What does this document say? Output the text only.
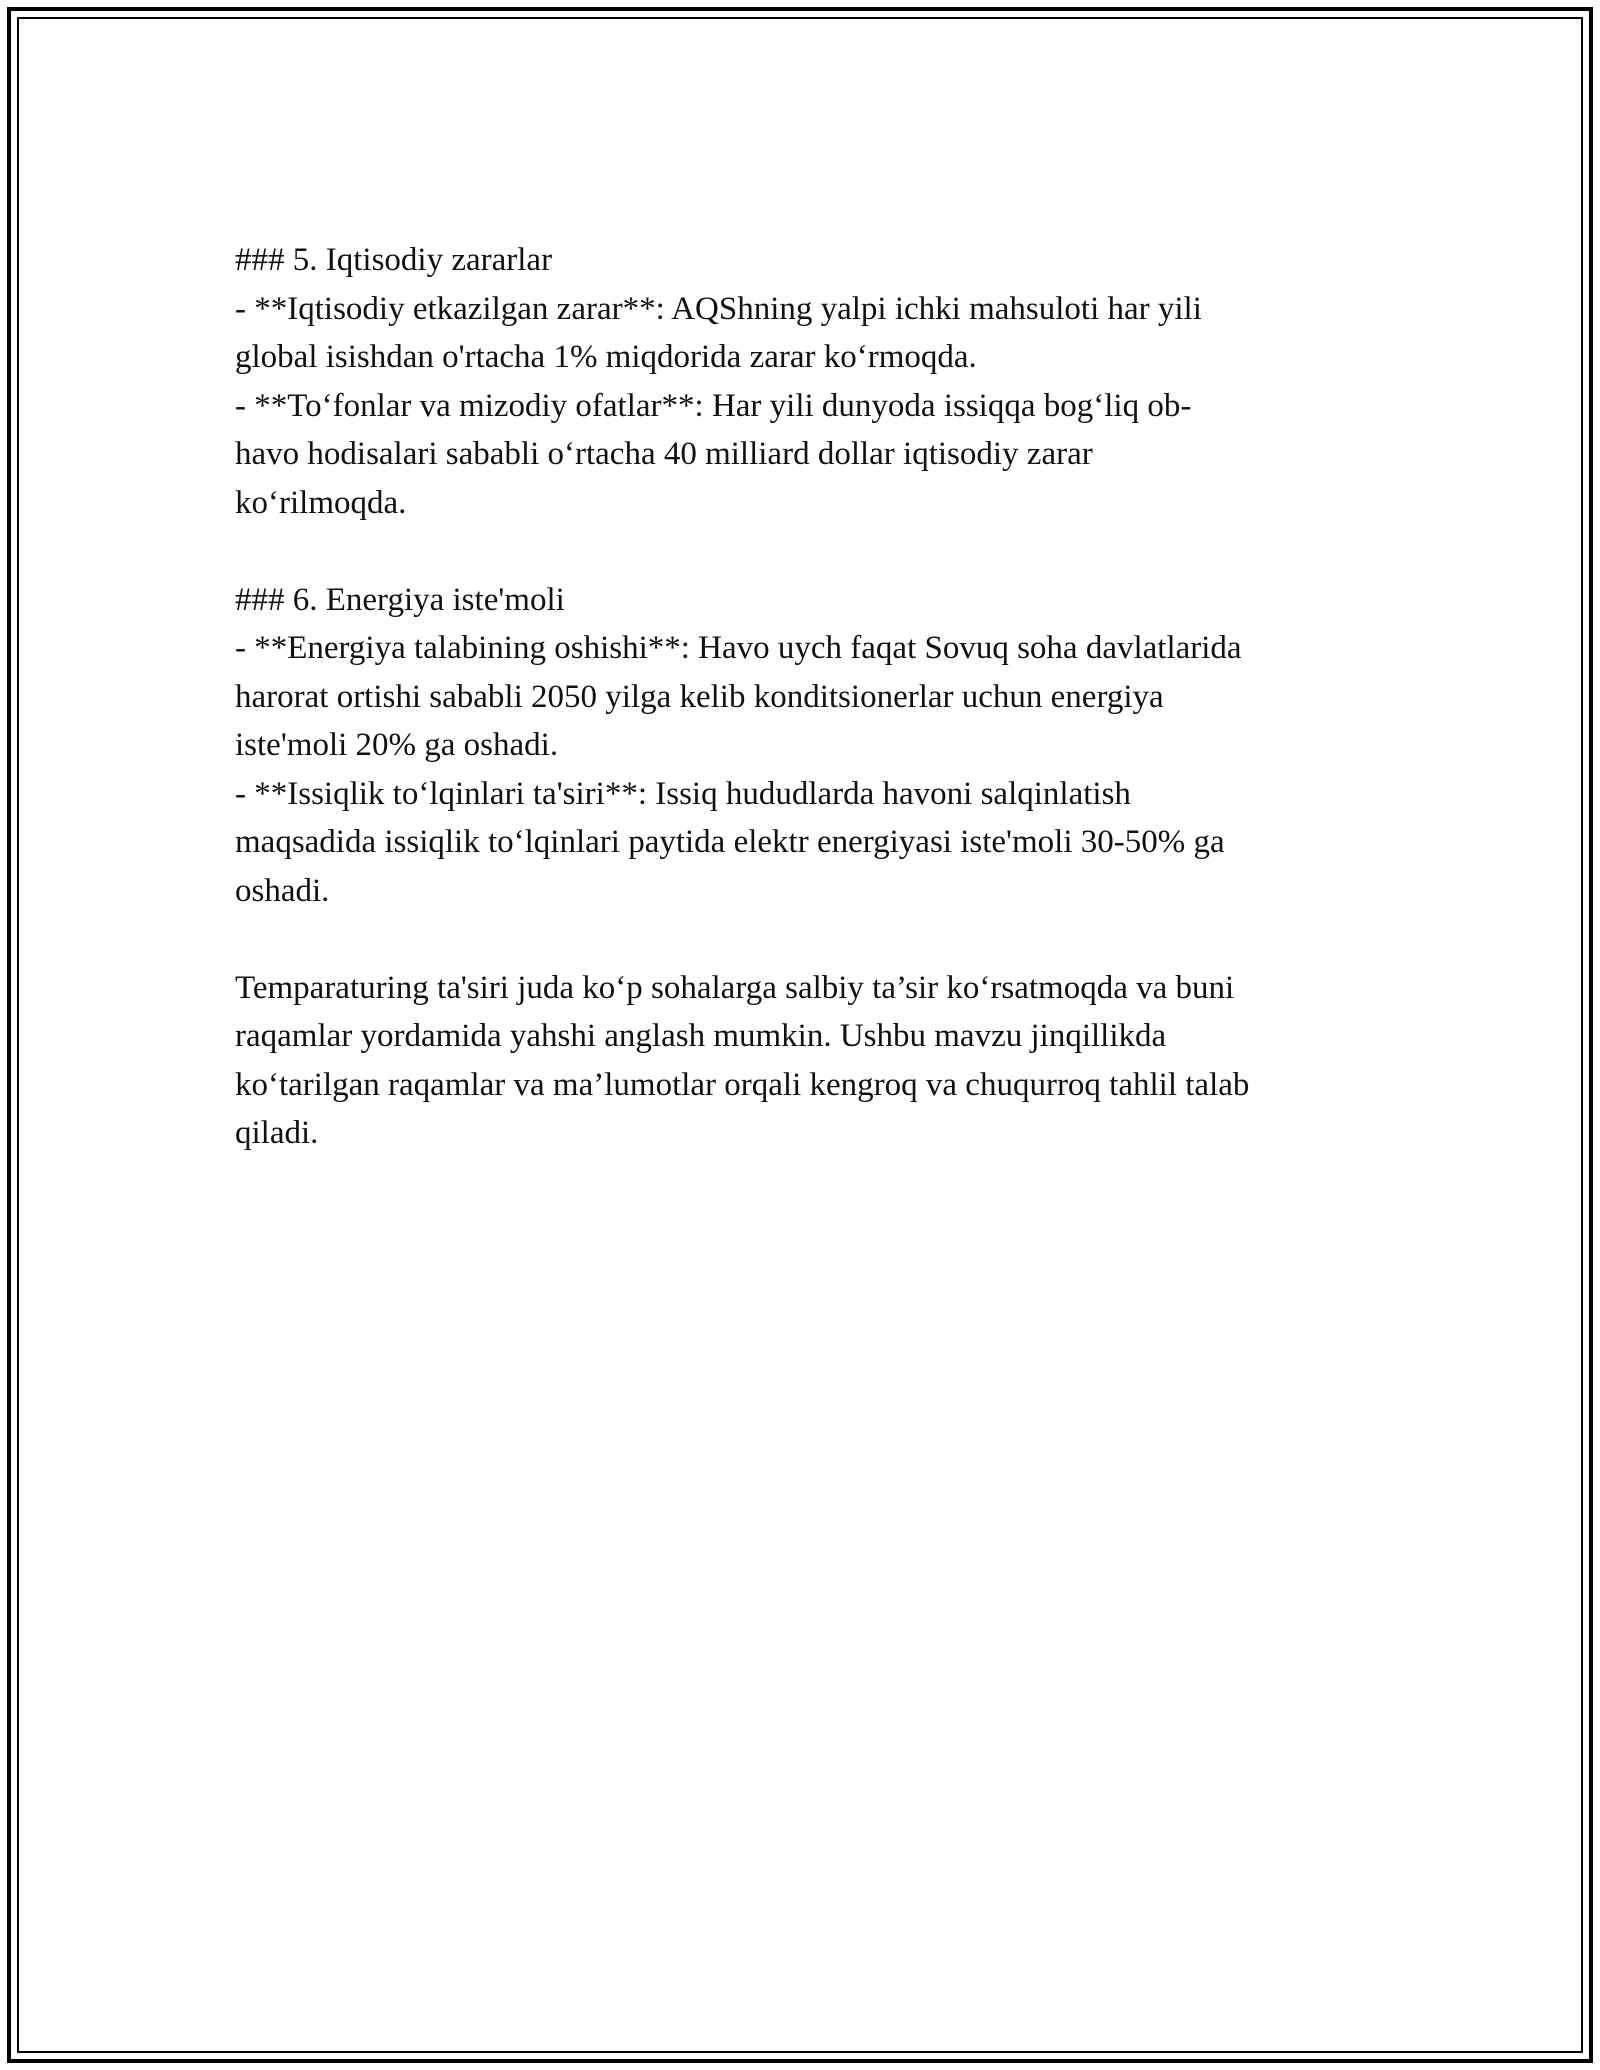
### 5. Iqtisodiy zararlar
- **Iqtisodiy etkazilgan zarar**: AQShning yalpi ichki mahsuloti har yili
global isishdan o'rtacha 1% miqdorida zarar ko‘rmoqda.
- **To‘fonlar va mizodiy ofatlar**: Har yili dunyoda issiqqa bog‘liq ob-
havo hodisalari sababli o‘rtacha 40 milliard dollar iqtisodiy zarar
ko‘rilmoqda.
### 6. Energiya iste'moli
- **Energiya talabining oshishi**: Havo uych faqat Sovuq soha davlatlarida
harorat ortishi sababli 2050 yilga kelib konditsionerlar uchun energiya
iste'moli 20% ga oshadi.
- **Issiqlik to‘lqinlari ta'siri**: Issiq hududlarda havoni salqinlatish
maqsadida issiqlik to‘lqinlari paytida elektr energiyasi iste'moli 30-50% ga
oshadi.
Temparaturing ta'siri juda ko‘p sohalarga salbiy ta’sir ko‘rsatmoqda va buni
raqamlar yordamida yahshi anglash mumkin. Ushbu mavzu jinqillikda
ko‘tarilgan raqamlar va ma’lumotlar orqali kengroq va chuqurroq tahlil talab
qiladi.
